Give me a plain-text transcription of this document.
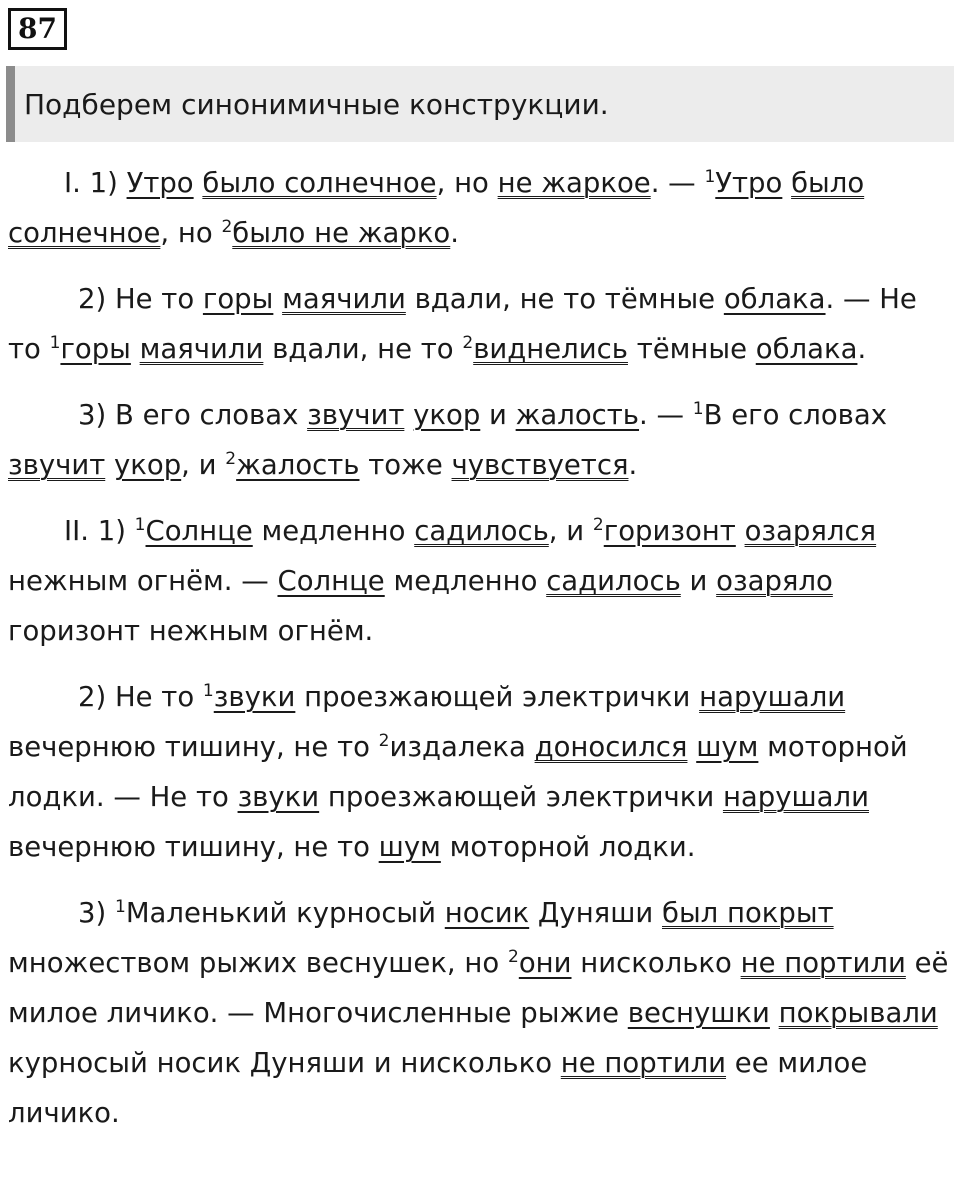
87
Подберем синонимичные конструкции.

I. 1) Утро было солнечное, но не жаркое. — $^1$Утро было солнечное, но $^2$было не жарко.

2) Не то горы маячили вдали, не то тёмные облака. — Не то $^1$горы маячили вдали, не то $^2$виднелись тёмные облака.

3) В его словах звучит укор и жалость. — $^1$В его словах звучит укор, и $^2$жалость тоже чувствуется.

II. 1) $^1$Солнце медленно садилось, и $^2$горизонт озарялся нежным огнём. — Солнце медленно садилось и озаряло горизонт нежным огнём.

2) Не то $^1$звуки проезжающей электрички нарушали вечернюю тишину, не то $^2$издалека доносился шум моторной лодки. — Не то звуки проезжающей электрички нарушали вечернюю тишину, не то шум моторной лодки.

3) $^1$Маленький курносый носик Дуняши был покрыт множеством рыжих веснушек, но $^2$они нисколько не портили её милое личико. — Многочисленные рыжие веснушки покрывали курносый носик Дуняши и нисколько не портили ее милое личико.
